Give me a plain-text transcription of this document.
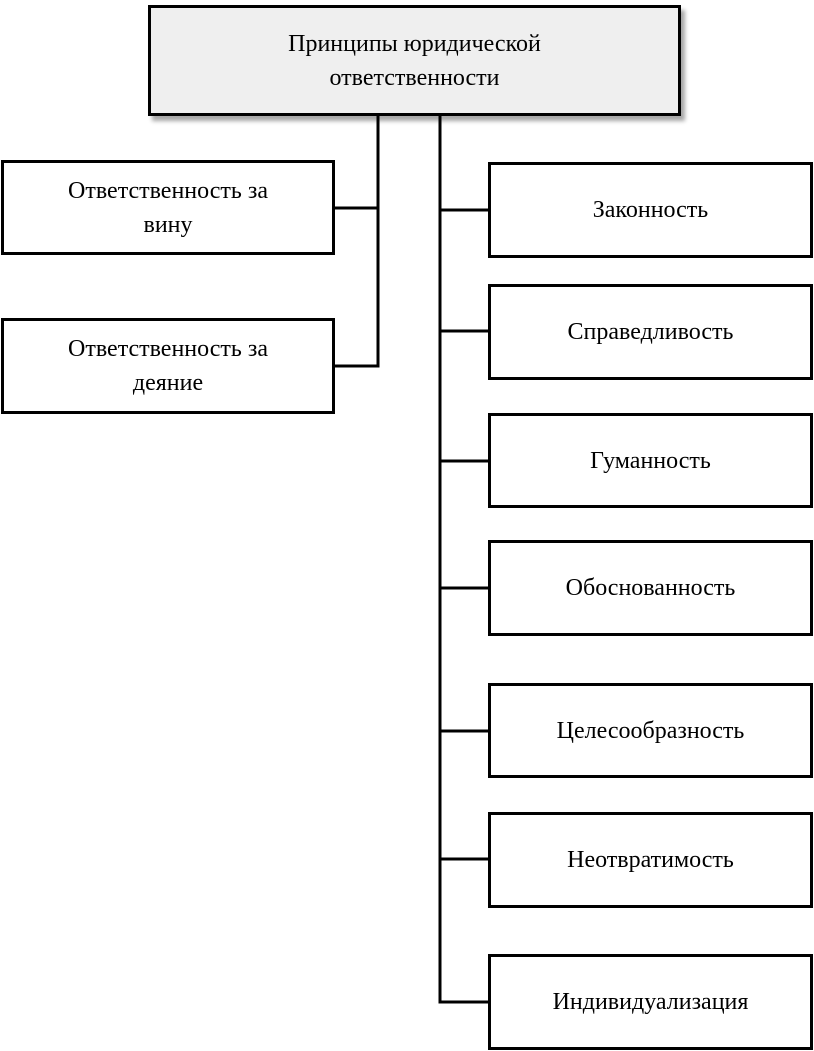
Принципы юридической
ответственности
Ответственность за
вину
Ответственность за
деяние
Законность
Справедливость
Гуманность
Обоснованность
Целесообразность
Неотвратимость
Индивидуализация
